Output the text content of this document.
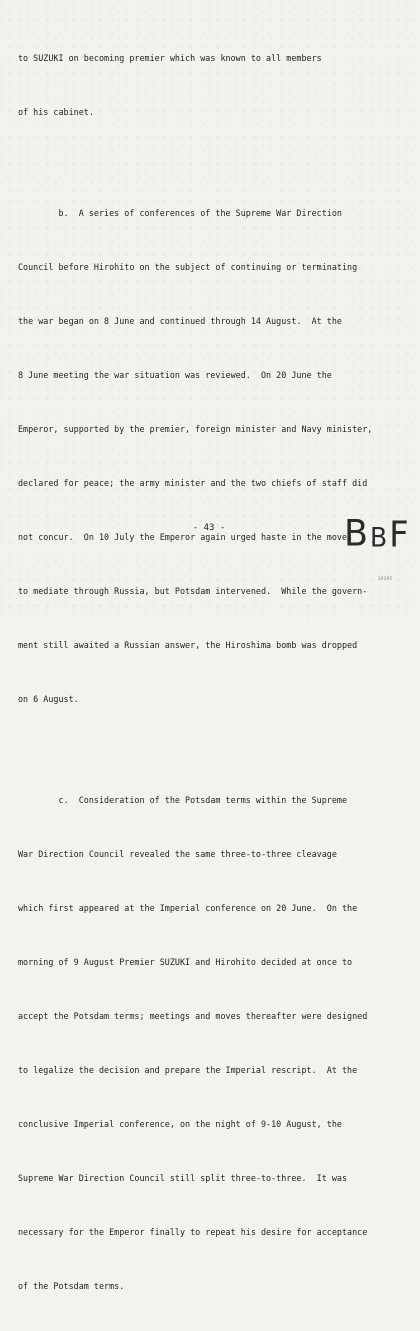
to SUZUKI on becoming premier which was known to all members

of his cabinet.

b.  A series of conferences of the Supreme War Direction

Council before Hirohito on the subject of continuing or terminating

the war began on 8 June and continued through 14 August.  At the

8 June meeting the war situation was reviewed.  On 20 June the

Emperor, supported by the premier, foreign minister and Navy minister,

declared for peace; the army minister and the two chiefs of staff did

not concur.  On 10 July the Emperor again urged haste in the moves

to mediate through Russia, but Potsdam intervened.  While the govern-

ment still awaited a Russian answer, the Hiroshima bomb was dropped

on 6 August.

c.  Consideration of the Potsdam terms within the Supreme

War Direction Council revealed the same three-to-three cleavage

which first appeared at the Imperial conference on 20 June.  On the

morning of 9 August Premier SUZUKI and Hirohito decided at once to

accept the Potsdam terms; meetings and moves thereafter were designed

to legalize the decision and prepare the Imperial rescript.  At the

conclusive Imperial conference, on the night of 9-10 August, the

Supreme War Direction Council still split three-to-three.  It was

necessary for the Emperor finally to repeat his desire for acceptance

of the Potsdam terms.

- 43 -	B B F
19395
